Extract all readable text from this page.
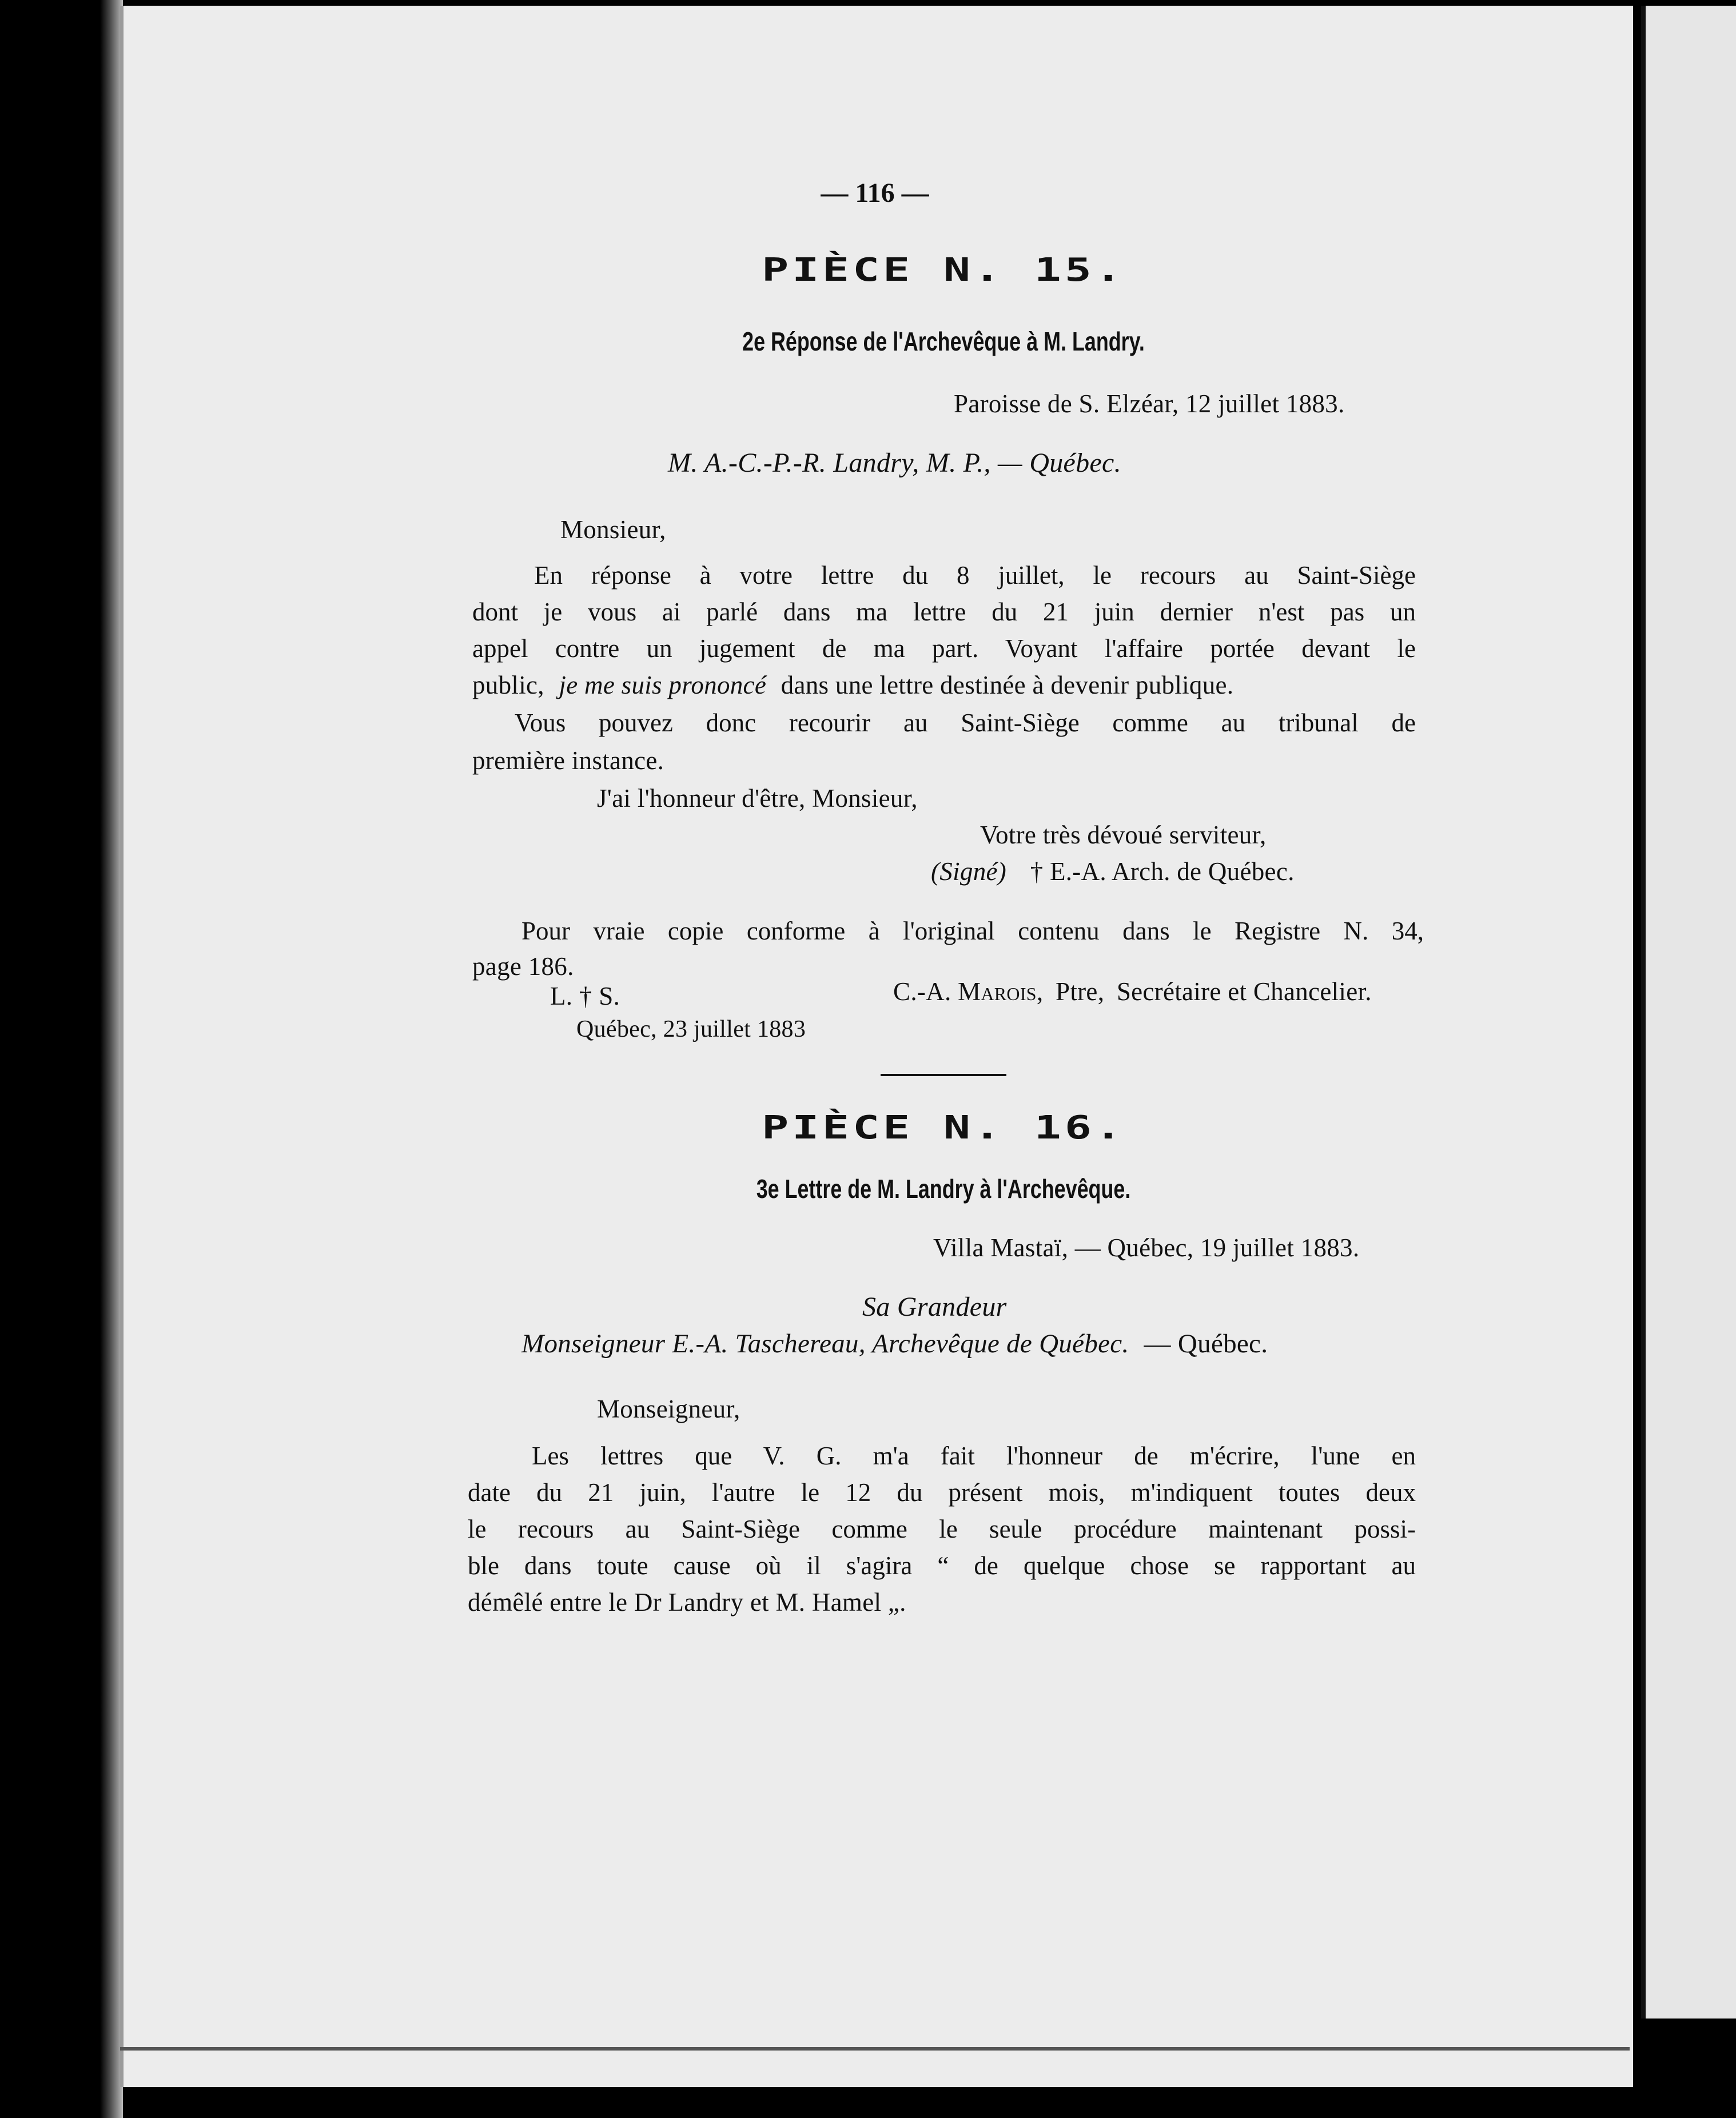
— 116 —
PIÈCE N. 15.
2e Réponse de l'Archevêque à M. Landry.
Paroisse de S. Elzéar, 12 juillet 1883.
M. A.-C.-P.-R. Landry, M. P., — Québec.
Monsieur,
En réponse à votre lettre du 8 juillet, le recours au Saint-Siège
dont je vous ai parlé dans ma lettre du 21 juin dernier n'est pas un
appel contre un jugement de ma part. Voyant l'affaire portée devant le
public, je me suis prononcé dans une lettre destinée à devenir publique.
Vous pouvez donc recourir au Saint-Siège comme au tribunal de
première instance.
J'ai l'honneur d'être, Monsieur,
Votre très dévoué serviteur,
(Signé) † E.-A. Arch. de Québec.
Pour vraie copie conforme à l'original contenu dans le Registre N. 34,
page 186.
L. † S.	C.-A. Marois, Ptre, Secrétaire et Chancelier.
Québec, 23 juillet 1883
PIÈCE N. 16.
3e Lettre de M. Landry à l'Archevêque.
Villa Mastaï, — Québec, 19 juillet 1883.
Sa Grandeur
Monseigneur E.-A. Taschereau, Archevêque de Québec. — Québec.
Monseigneur,
Les lettres que V. G. m'a fait l'honneur de m'écrire, l'une en
date du 21 juin, l'autre le 12 du présent mois, m'indiquent toutes deux
le recours au Saint-Siège comme le seule procédure maintenant possi-
ble dans toute cause où il s'agira “ de quelque chose se rapportant au
démêlé entre le Dr Landry et M. Hamel „.
